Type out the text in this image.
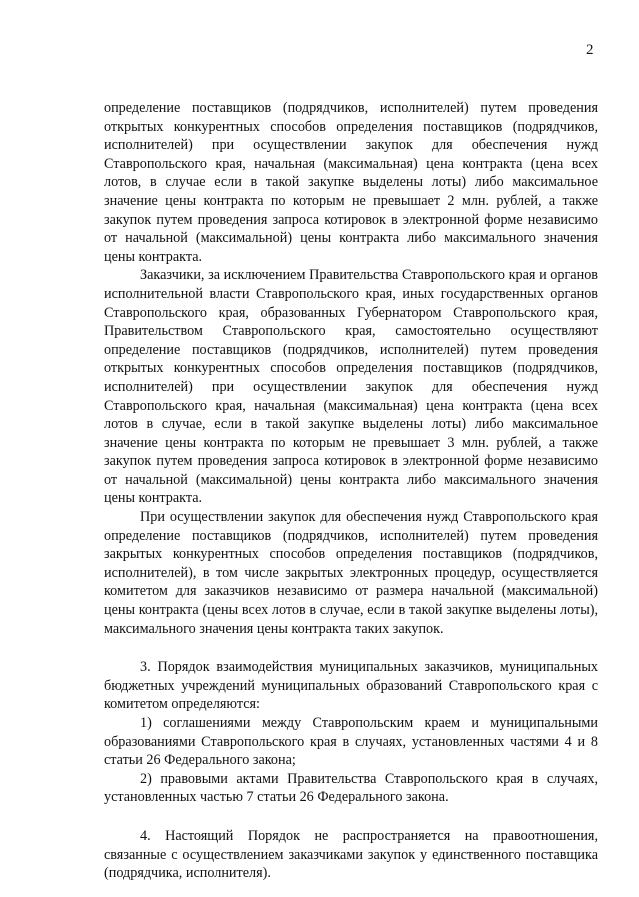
2

определение поставщиков (подрядчиков, исполнителей) путем проведения открытых конкурентных способов определения поставщиков (подрядчиков, исполнителей) при осуществлении закупок для обеспечения нужд Ставропольского края, начальная (максимальная) цена контракта (цена всех лотов, в случае если в такой закупке выделены лоты) либо максимальное значение цены контракта по которым не превышает 2 млн. рублей, а также закупок путем проведения запроса котировок в электронной форме независимо от начальной (максимальной) цены контракта либо максимального значения цены контракта.

Заказчики, за исключением Правительства Ставропольского края и органов исполнительной власти Ставропольского края, иных государственных органов Ставропольского края, образованных Губернатором Ставропольского края, Правительством Ставропольского края, самостоятельно осуществляют определение поставщиков (подрядчиков, исполнителей) путем проведения открытых конкурентных способов определения поставщиков (подрядчиков, исполнителей) при осуществлении закупок для обеспечения нужд Ставропольского края, начальная (максимальная) цена контракта (цена всех лотов в случае, если в такой закупке выделены лоты) либо максимальное значение цены контракта по которым не превышает 3 млн. рублей, а также закупок путем проведения запроса котировок в электронной форме независимо от начальной (максимальной) цены контракта либо максимального значения цены контракта.

При осуществлении закупок для обеспечения нужд Ставропольского края определение поставщиков (подрядчиков, исполнителей) путем проведения закрытых конкурентных способов определения поставщиков (подрядчиков, исполнителей), в том числе закрытых электронных процедур, осуществляется комитетом для заказчиков независимо от размера начальной (максимальной) цены контракта (цены всех лотов в случае, если в такой закупке выделены лоты), максимального значения цены контракта таких закупок.

3. Порядок взаимодействия муниципальных заказчиков, муниципальных бюджетных учреждений муниципальных образований Ставропольского края с комитетом определяются:

1) соглашениями между Ставропольским краем и муниципальными образованиями Ставропольского края в случаях, установленных частями 4 и 8 статьи 26 Федерального закона;

2) правовыми актами Правительства Ставропольского края в случаях, установленных частью 7 статьи 26 Федерального закона.

4. Настоящий Порядок не распространяется на правоотношения, связанные с осуществлением заказчиками закупок у единственного поставщика (подрядчика, исполнителя).
